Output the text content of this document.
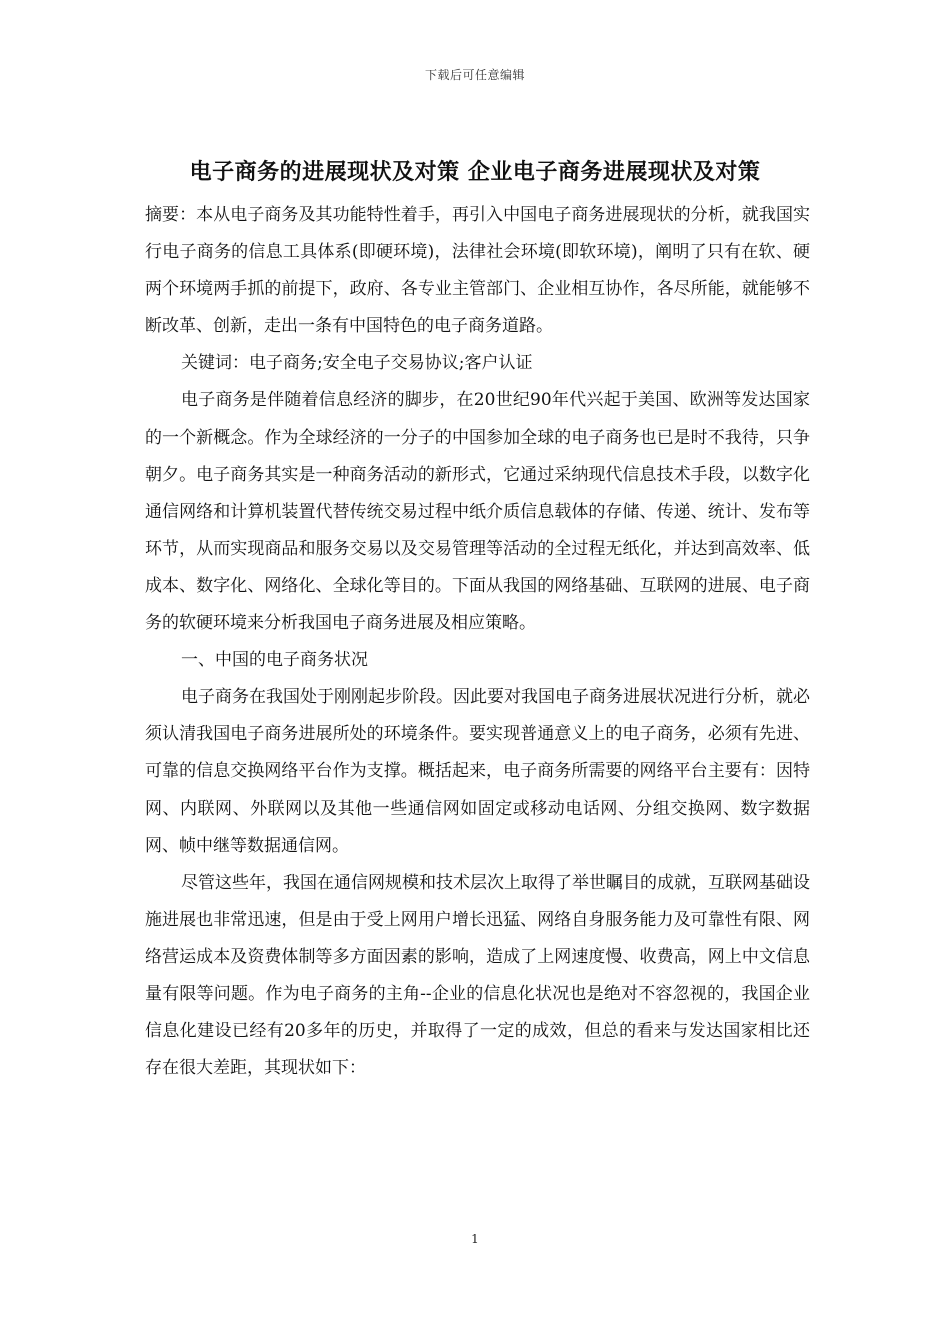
下载后可任意编辑
电子商务的进展现状及对策 企业电子商务进展现状及对策

摘要：本从电子商务及其功能特性着手，再引入中国电子商务进展现状的分析，就我国实行电子商务的信息工具体系(即硬环境)，法律社会环境(即软环境)，阐明了只有在软、硬两个环境两手抓的前提下，政府、各专业主管部门、企业相互协作，各尽所能，就能够不断改革、创新，走出一条有中国特色的电子商务道路。

关键词：电子商务;安全电子交易协议;客户认证

电子商务是伴随着信息经济的脚步，在20世纪90年代兴起于美国、欧洲等发达国家的一个新概念。作为全球经济的一分子的中国参加全球的电子商务也已是时不我待，只争朝夕。电子商务其实是一种商务活动的新形式，它通过采纳现代信息技术手段，以数字化通信网络和计算机装置代替传统交易过程中纸介质信息载体的存储、传递、统计、发布等环节，从而实现商品和服务交易以及交易管理等活动的全过程无纸化，并达到高效率、低成本、数字化、网络化、全球化等目的。下面从我国的网络基础、互联网的进展、电子商务的软硬环境来分析我国电子商务进展及相应策略。

一、中国的电子商务状况

电子商务在我国处于刚刚起步阶段。因此要对我国电子商务进展状况进行分析，就必须认清我国电子商务进展所处的环境条件。要实现普通意义上的电子商务，必须有先进、可靠的信息交换网络平台作为支撑。概括起来，电子商务所需要的网络平台主要有：因特网、内联网、外联网以及其他一些通信网如固定或移动电话网、分组交换网、数字数据网、帧中继等数据通信网。

尽管这些年，我国在通信网规模和技术层次上取得了举世瞩目的成就，互联网基础设施进展也非常迅速，但是由于受上网用户增长迅猛、网络自身服务能力及可靠性有限、网络营运成本及资费体制等多方面因素的影响，造成了上网速度慢、收费高，网上中文信息量有限等问题。作为电子商务的主角--企业的信息化状况也是绝对不容忽视的，我国企业信息化建设已经有20多年的历史，并取得了一定的成效，但总的看来与发达国家相比还存在很大差距，其现状如下：

1
